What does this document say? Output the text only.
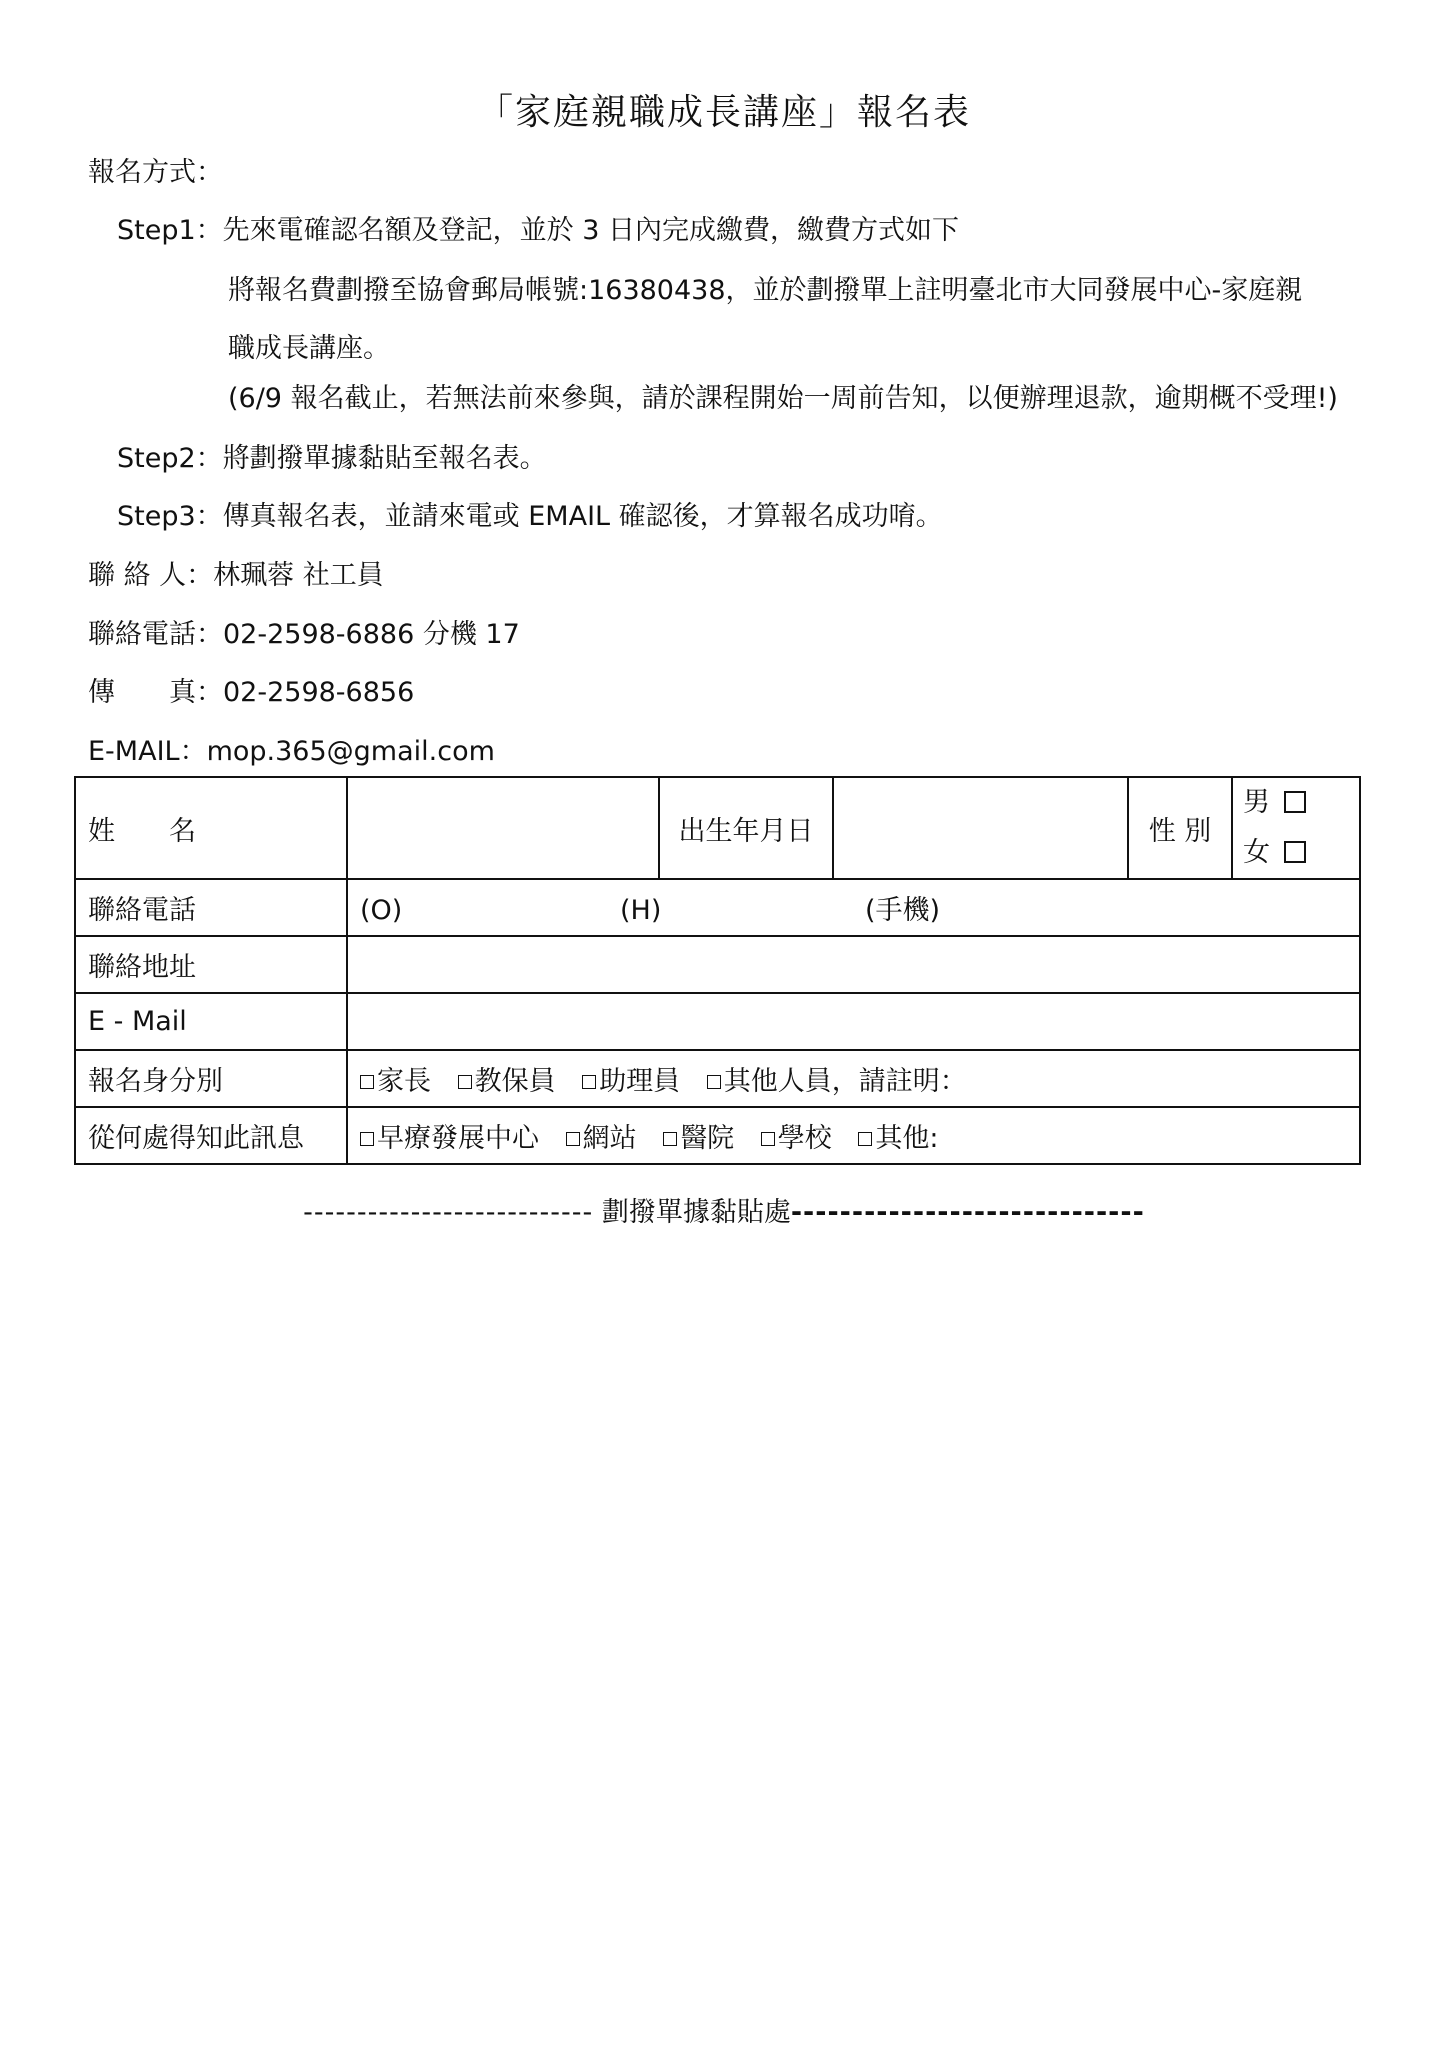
「家庭親職成長講座」報名表
報名方式：
Step1：先來電確認名額及登記，並於 3 日內完成繳費，繳費方式如下
將報名費劃撥至協會郵局帳號:16380438，並於劃撥單上註明臺北市大同發展中心-家庭親
職成長講座。
(6/9 報名截止，若無法前來參與，請於課程開始一周前告知，以便辦理退款，逾期概不受理!)
Step2：將劃撥單據黏貼至報名表。
Step3：傳真報名表，並請來電或 EMAIL 確認後，才算報名成功唷。
聯 絡 人：林珮蓉 社工員
聯絡電話：02-2598-6886 分機 17
傳　　真：02-2598-6856
E-MAIL：mop.365@gmail.com
姓　　名		出生年月日		性 別	男
女

聯絡電話	(O) (H) (手機)				
聯絡地址					
E - Mail					
報名身分別	家長 教保員 助理員 其他人員，請註明：				
從何處得知此訊息	早療發展中心 網站 醫院 學校 其他:				
--------------------------- 劃撥單據黏貼處-----------------------------
